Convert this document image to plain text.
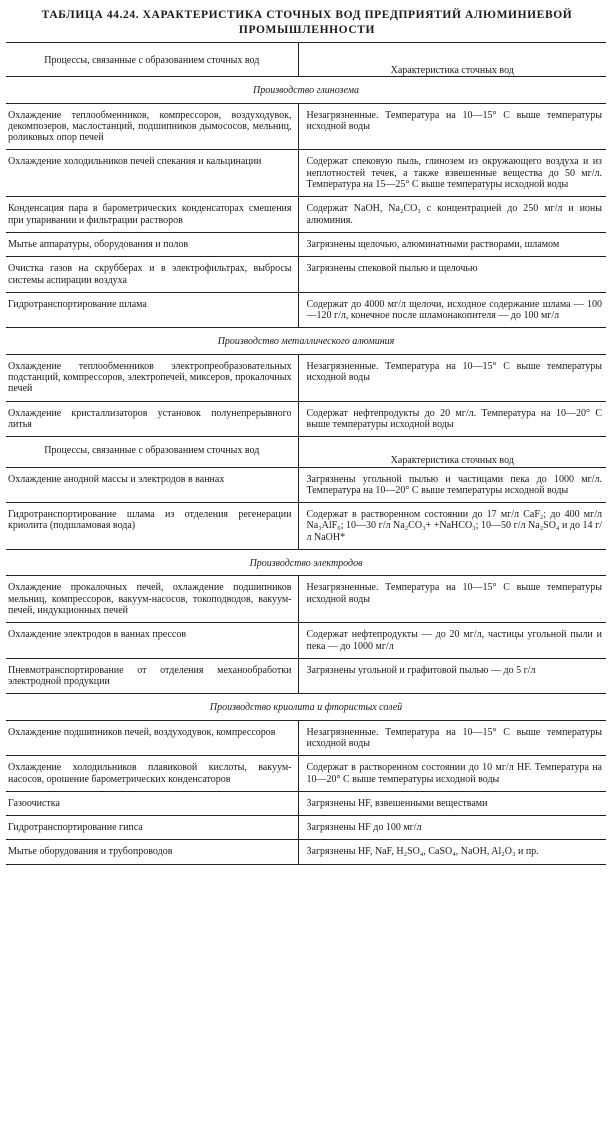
ТАБЛИЦА 44.24. ХАРАКТЕРИСТИКА СТОЧНЫХ ВОД ПРЕДПРИЯТИЙ АЛЮМИНИЕВОЙ
ПРОМЫШЛЕННОСТИ
Процессы, связанные с образованием сточных вод	Характеристика сточных вод
Производство глинозема	
Охлаждение теплообменников, компрессоров, воздуходувок, декомпозеров, маслостанций, подшипников дымососов, мельниц, роликовых опор печей	Незагрязненные. Температура на 10—15° С выше температуры исходной воды
Охлаждение холодильников печей спекания и кальцинации	Содержат спековую пыль, глинозем из окружающего воздуха и из неплотностей течек, а также взвешенные вещества до 50 мг/л. Температура на 15—25° С выше температуры исходной воды
Конденсация пара в барометрических конденсаторах смешения при упаривании и фильтрации растворов	Содержат NaOH, Na₂CO₃ с концентрацией до 250 мг/л и ионы алюминия.
Мытье аппаратуры, оборудования и полов	Загрязнены щелочью, алюминатными растворами, шламом
Очистка газов на скрубберах и в электрофильтрах, выбросы системы аспирации воздуха	Загрязнены спековой пылью и щелочью
Гидротранспортирование шлама	Содержат до 4000 мг/л щелочи, исходное содержание шлама — 100—120 г/л, конечное после шламонакопителя — до 100 мг/л
Производство металлического алюминия	
Охлаждение теплообменников электропреобразовательных подстанций, компрессоров, электропечей, миксеров, прокалочных печей	Незагрязненные. Температура на 10—15° С выше температуры исходной воды
Охлаждение кристаллизаторов установок полунепрерывного литья	Содержат нефтепродукты до 20 мг/л. Температура на 10—20° С выше температуры исходной воды
Процессы, связанные с образованием сточных вод	Характеристика сточных вод
Охлаждение анодной массы и электродов в ваннах	Загрязнены угольной пылью и частицами пека до 1000 мг/л. Температура на 10—20° С выше температуры исходной воды
Гидротранспортирование шлама из отделения регенерации криолита (подшламовая вода)	Содержат в растворенном состоянии до 17 мг/л CaF₂; до 400 мг/л Na₃AlF₆; 10—30 г/л Na₂CO₃+ +NaHCO₃; 10—50 г/л Na₂SO₄ и до 14 г/л NaOH*
Производство электродов	
Охлаждение прокалочных печей, охлаждение подшипников мельниц, компрессоров, вакуум-насосов, токоподводов, вакуум-печей, индукционных печей	Незагрязненные. Температура на 10—15° С выше температуры исходной воды
Охлаждение электродов в ваннах прессов	Содержат нефтепродукты — до 20 мг/л, частицы угольной пыли и пека — до 1000 мг/л
Пневмотранспортирование от отделения механообработки электродной продукции	Загрязнены угольной и графитовой пылью — до 5 г/л
Производство криолита и фтористых солей	
Охлаждение подшипников печей, воздуходувок, компрессоров	Незагрязненные. Температура на 10—15° С выше температуры исходной воды
Охлаждение холодильников плавиковой кислоты, вакуум-насосов, орошение барометрических конденсаторов	Содержат в растворенном состоянии до 10 мг/л HF. Температура на 10—20° С выше температуры исходной воды
Газоочистка	Загрязнены HF, взвешенными веществами
Гидротранспортирование гипса	Загрязнены HF до 100 мг/л
Мытье оборудования и трубопроводов	Загрязнены HF, NaF, H₂SO₄, CaSO₄, NaOH, Al₂O₃ и пр.
